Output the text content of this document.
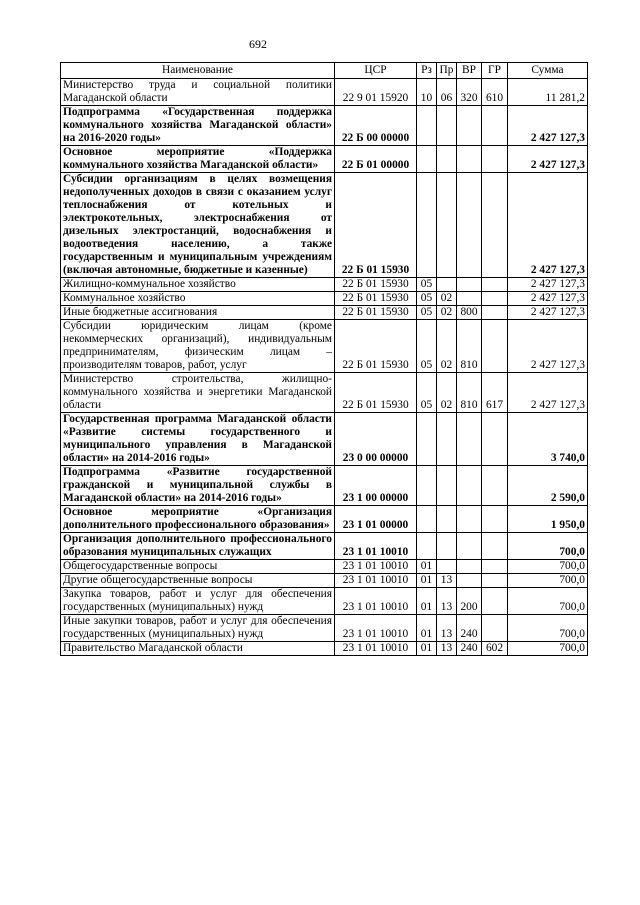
692
Наименование	ЦСР	Рз	Пр	ВР	ГР	Сумма
Министерство труда и социальной политики Магаданской области	22 9 01 15920	10	06	320	610	11 281,2
Подпрограмма «Государственная поддержка коммунального хозяйства Магаданской области» на 2016-2020 годы»	22 Б 00 00000					2 427 127,3
Основное мероприятие «Поддержка коммунального хозяйства Магаданской области»	22 Б 01 00000					2 427 127,3
Субсидии организациям в целях возмещения недополученных доходов в связи с оказанием услуг теплоснабжения от котельных и электрокотельных, электроснабжения от дизельных электростанций, водоснабжения и водоотведения населению, а также государственным и муниципальным учреждениям (включая автономные, бюджетные и казенные)	22 Б 01 15930					2 427 127,3
Жилищно-коммунальное хозяйство	22 Б 01 15930	05				2 427 127,3
Коммунальное хозяйство	22 Б 01 15930	05	02			2 427 127,3
Иные бюджетные ассигнования	22 Б 01 15930	05	02	800		2 427 127,3
Субсидии юридическим лицам (кроме некоммерческих организаций), индивидуальным предпринимателям, физическим лицам – производителям товаров, работ, услуг	22 Б 01 15930	05	02	810		2 427 127,3
Министерство строительства, жилищно-коммунального хозяйства и энергетики Магаданской области	22 Б 01 15930	05	02	810	617	2 427 127,3
Государственная программа Магаданской области «Развитие системы государственного и муниципального управления в Магаданской области» на 2014-2016 годы»	23 0 00 00000					3 740,0
Подпрограмма «Развитие государственной гражданской и муниципальной службы в Магаданской области» на 2014-2016 годы»	23 1 00 00000					2 590,0
Основное мероприятие «Организация дополнительного профессионального образования»	23 1 01 00000					1 950,0
Организация дополнительного профессионального образования муниципальных служащих	23 1 01 10010					700,0
Общегосударственные вопросы	23 1 01 10010	01				700,0
Другие общегосударственные вопросы	23 1 01 10010	01	13			700,0
Закупка товаров, работ и услуг для обеспечения государственных (муниципальных) нужд	23 1 01 10010	01	13	200		700,0
Иные закупки товаров, работ и услуг для обеспечения государственных (муниципальных) нужд	23 1 01 10010	01	13	240		700,0
Правительство Магаданской области	23 1 01 10010	01	13	240	602	700,0
